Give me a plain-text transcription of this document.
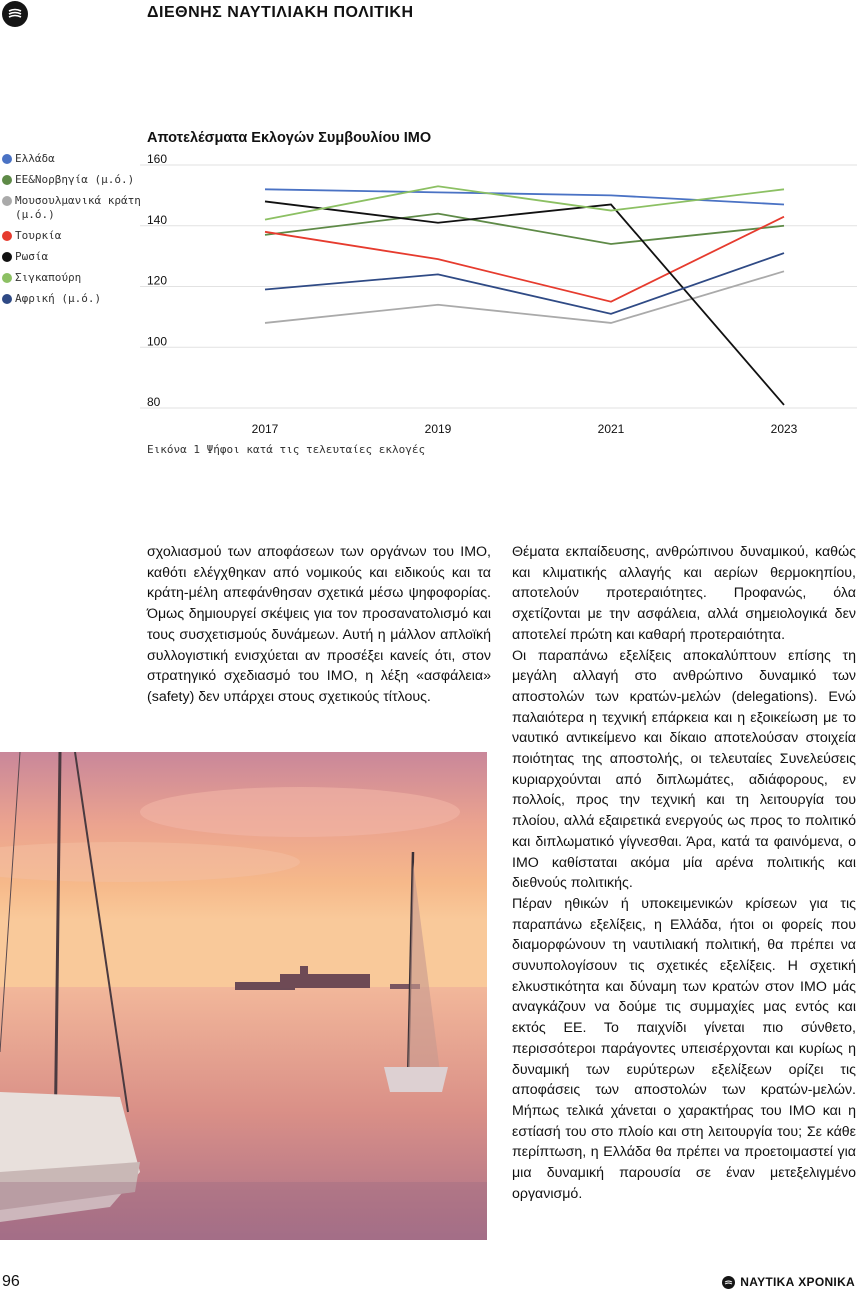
ΔΙΕΘΝΗΣ ΝΑΥΤΙΛΙΑΚΗ ΠΟΛΙΤΙΚΗ
Αποτελέσματα Εκλογών Συμβουλίου ΙΜΟ
Ελλάδα
ΕΕ&Νορβηγία (μ.ό.)
Μουσουλμανικά κράτη (μ.ό.)
Τουρκία
Ρωσία
Σιγκαπούρη
Αφρική (μ.ό.)
160
140
120
100
80
2017	2019	2021	2023
Εικόνα 1 Ψήφοι κατά τις τελευταίες εκλογές

σχολιασμού των αποφάσεων των οργάνων του ΙΜΟ, καθότι ελέγχθηκαν από νομικούς και ειδικούς και τα κράτη-μέλη απεφάνθησαν σχετικά μέσω ψηφοφορίας. Όμως δημιουργεί σκέψεις για τον προσανατολισμό και τους συσχετισμούς δυνάμεων. Αυτή η μάλλον απλοϊκή συλλογιστική ενισχύεται αν προσέξει κανείς ότι, στον στρατηγικό σχεδιασμό του ΙΜΟ, η λέξη «ασφάλεια» (safety) δεν υπάρχει στους σχετικούς τίτλους.

Θέματα εκπαίδευσης, ανθρώπινου δυναμικού, καθώς και κλιματικής αλλαγής και αερίων θερμοκηπίου, αποτελούν προτεραιότητες. Προφανώς, όλα σχετίζονται με την ασφάλεια, αλλά σημειολογικά δεν αποτελεί πρώτη και καθαρή προτεραιότητα.

Οι παραπάνω εξελίξεις αποκαλύπτουν επίσης τη μεγάλη αλλαγή στο ανθρώπινο δυναμικό των αποστολών των κρατών-μελών (delegations). Ενώ παλαιότερα η τεχνική επάρκεια και η εξοικείωση με το ναυτικό αντικείμενο και δίκαιο αποτελούσαν στοιχεία ποιότητας της αποστολής, οι τελευταίες Συνελεύσεις κυριαρχούνται από διπλωμάτες, αδιάφορους, εν πολλοίς, προς την τεχνική και τη λειτουργία του πλοίου, αλλά εξαιρετικά ενεργούς ως προς το πολιτικό και διπλωματικό γίγνεσθαι. Άρα, κατά τα φαινόμενα, ο ΙΜΟ καθίσταται ακόμα μία αρένα πολιτικής και διεθνούς πολιτικής.

Πέραν ηθικών ή υποκειμενικών κρίσεων για τις παραπάνω εξελίξεις, η Ελλάδα, ήτοι οι φορείς που διαμορφώνουν τη ναυτιλιακή πολιτική, θα πρέπει να συνυπολογίσουν τις σχετικές εξελίξεις. Η σχετική ελκυστικότητα και δύναμη των κρατών στον ΙΜΟ μάς αναγκάζουν να δούμε τις συμμαχίες μας εντός και εκτός ΕΕ. Το παιχνίδι γίνεται πιο σύνθετο, περισσότεροι παράγοντες υπεισέρχονται και κυρίως η δυναμική των ευρύτερων εξελίξεων ορίζει τις αποφάσεις των αποστολών των κρατών-μελών. Μήπως τελικά χάνεται ο χαρακτήρας του ΙΜΟ και η εστίασή του στο πλοίο και στη λειτουργία του; Σε κάθε περίπτωση, η Ελλάδα θα πρέπει να προετοιμαστεί για μια δυναμική παρουσία σε έναν μετεξελιγμένο οργανισμό.

96	ΝΑΥΤΙΚΑ ΧΡΟΝΙΚΑ
